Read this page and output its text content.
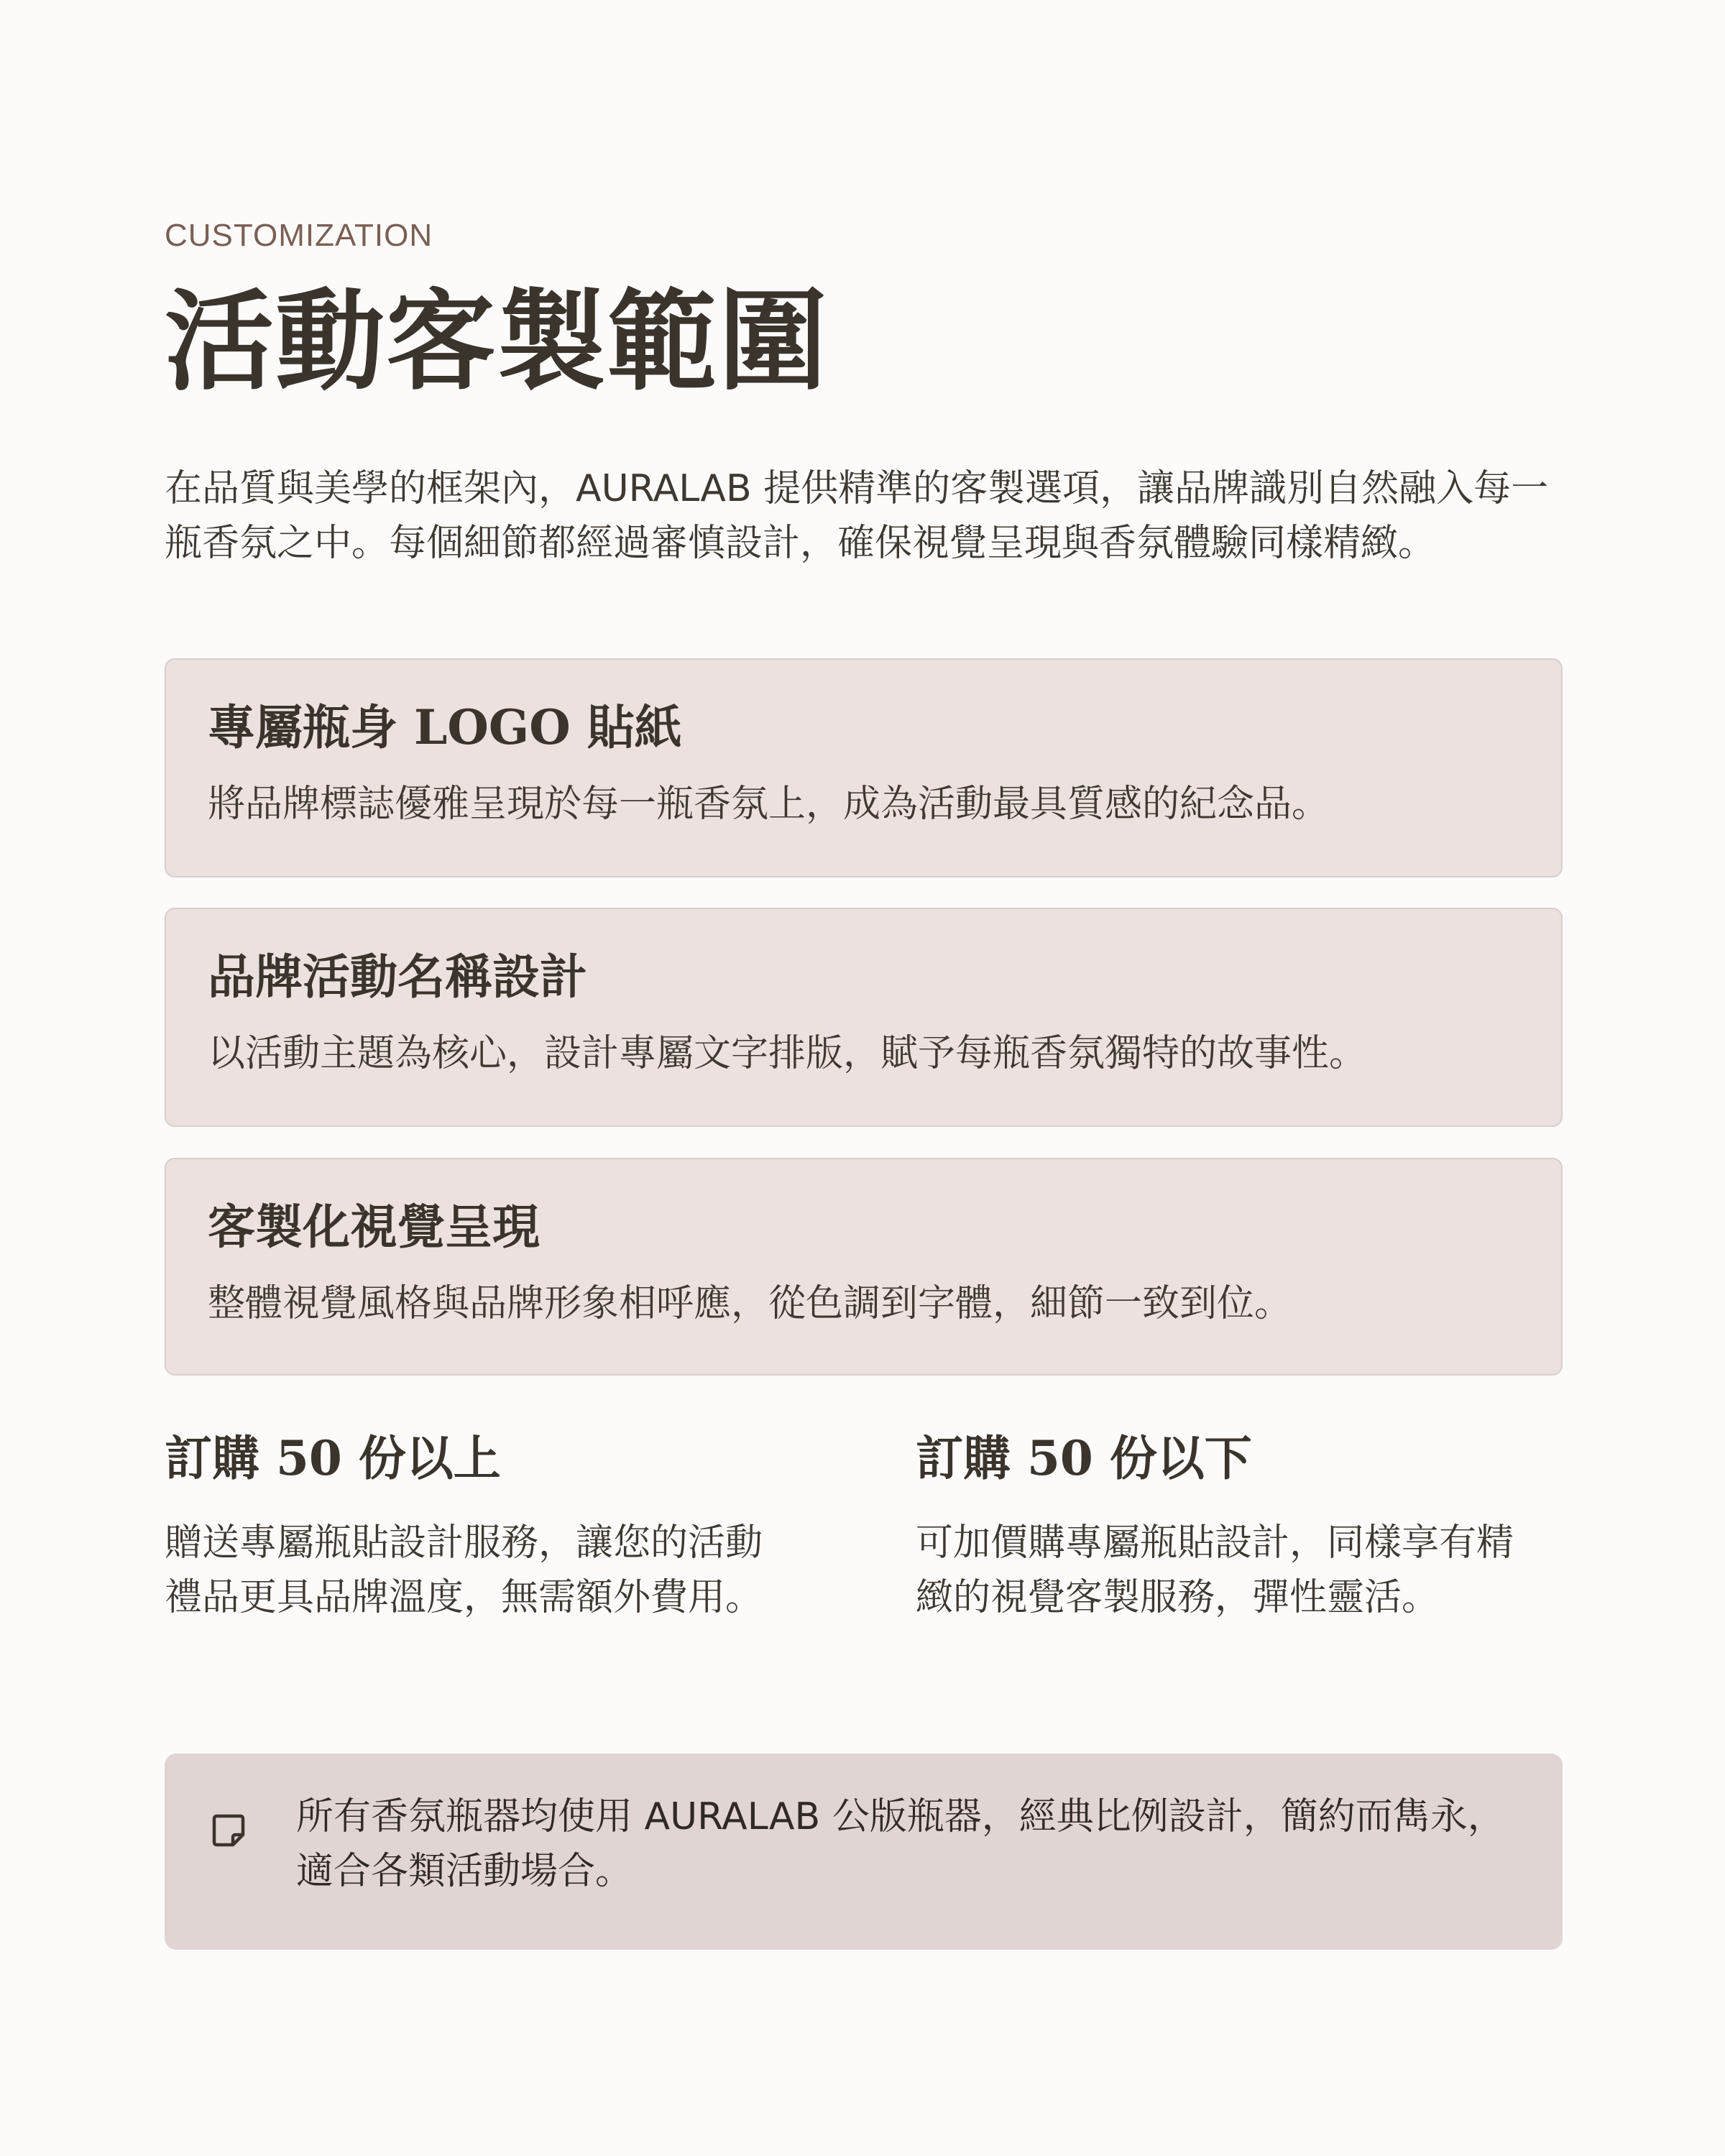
CUSTOMIZATION
活動客製範圍

在品質與美學的框架內，AURALAB 提供精準的客製選項，讓品牌識別自然融入每一瓶香氛之中。每個細節都經過審慎設計，確保視覺呈現與香氛體驗同樣精緻。

專屬瓶身 LOGO 貼紙

將品牌標誌優雅呈現於每一瓶香氛上，成為活動最具質感的紀念品。

品牌活動名稱設計

以活動主題為核心，設計專屬文字排版，賦予每瓶香氛獨特的故事性。

客製化視覺呈現

整體視覺風格與品牌形象相呼應，從色調到字體，細節一致到位。

訂購 50 份以上

贈送專屬瓶貼設計服務，讓您的活動禮品更具品牌溫度，無需額外費用。

訂購 50 份以下

可加價購專屬瓶貼設計，同樣享有精緻的視覺客製服務，彈性靈活。

所有香氛瓶器均使用 AURALAB 公版瓶器，經典比例設計，簡約而雋永，適合各類活動場合。
